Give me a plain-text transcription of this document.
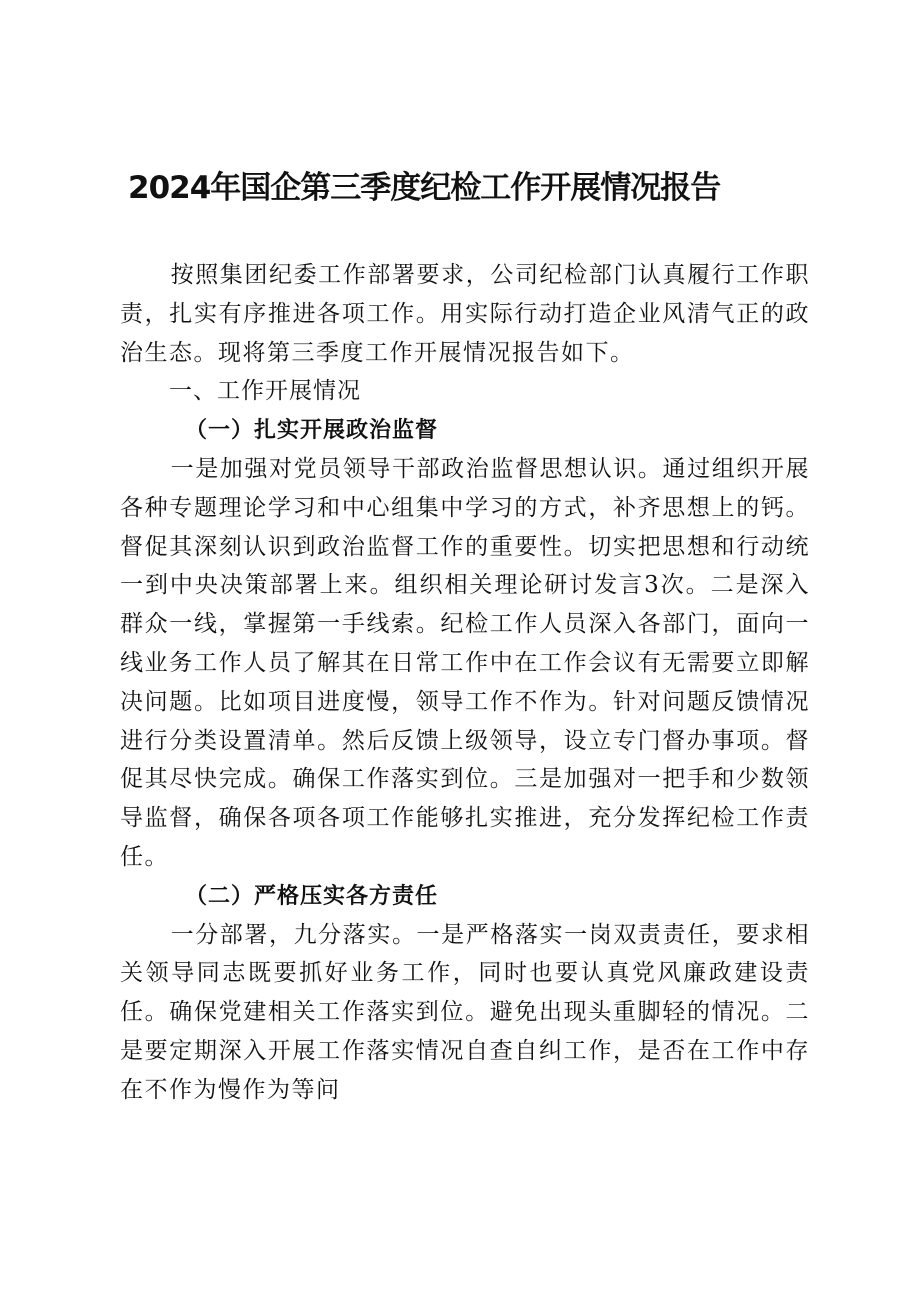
2024年国企第三季度纪检工作开展情况报告

按照集团纪委工作部署要求，公司纪检部门认真履行工作职责，扎实有序推进各项工作。用实际行动打造企业风清气正的政治生态。现将第三季度工作开展情况报告如下。

一、工作开展情况
（一）扎实开展政治监督

一是加强对党员领导干部政治监督思想认识。通过组织开展各种专题理论学习和中心组集中学习的方式，补齐思想上的钙。督促其深刻认识到政治监督工作的重要性。切实把思想和行动统一到中央决策部署上来。组织相关理论研讨发言3次。二是深入群众一线，掌握第一手线索。纪检工作人员深入各部门，面向一线业务工作人员了解其在日常工作中在工作会议有无需要立即解决问题。比如项目进度慢，领导工作不作为。针对问题反馈情况进行分类设置清单。然后反馈上级领导，设立专门督办事项。督促其尽快完成。确保工作落实到位。三是加强对一把手和少数领导监督，确保各项各项工作能够扎实推进，充分发挥纪检工作责任。

（二）严格压实各方责任

一分部署，九分落实。一是严格落实一岗双责责任，要求相关领导同志既要抓好业务工作，同时也要认真党风廉政建设责任。确保党建相关工作落实到位。避免出现头重脚轻的情况。二是要定期深入开展工作落实情况自查自纠工作，是否在工作中存在不作为慢作为等问
